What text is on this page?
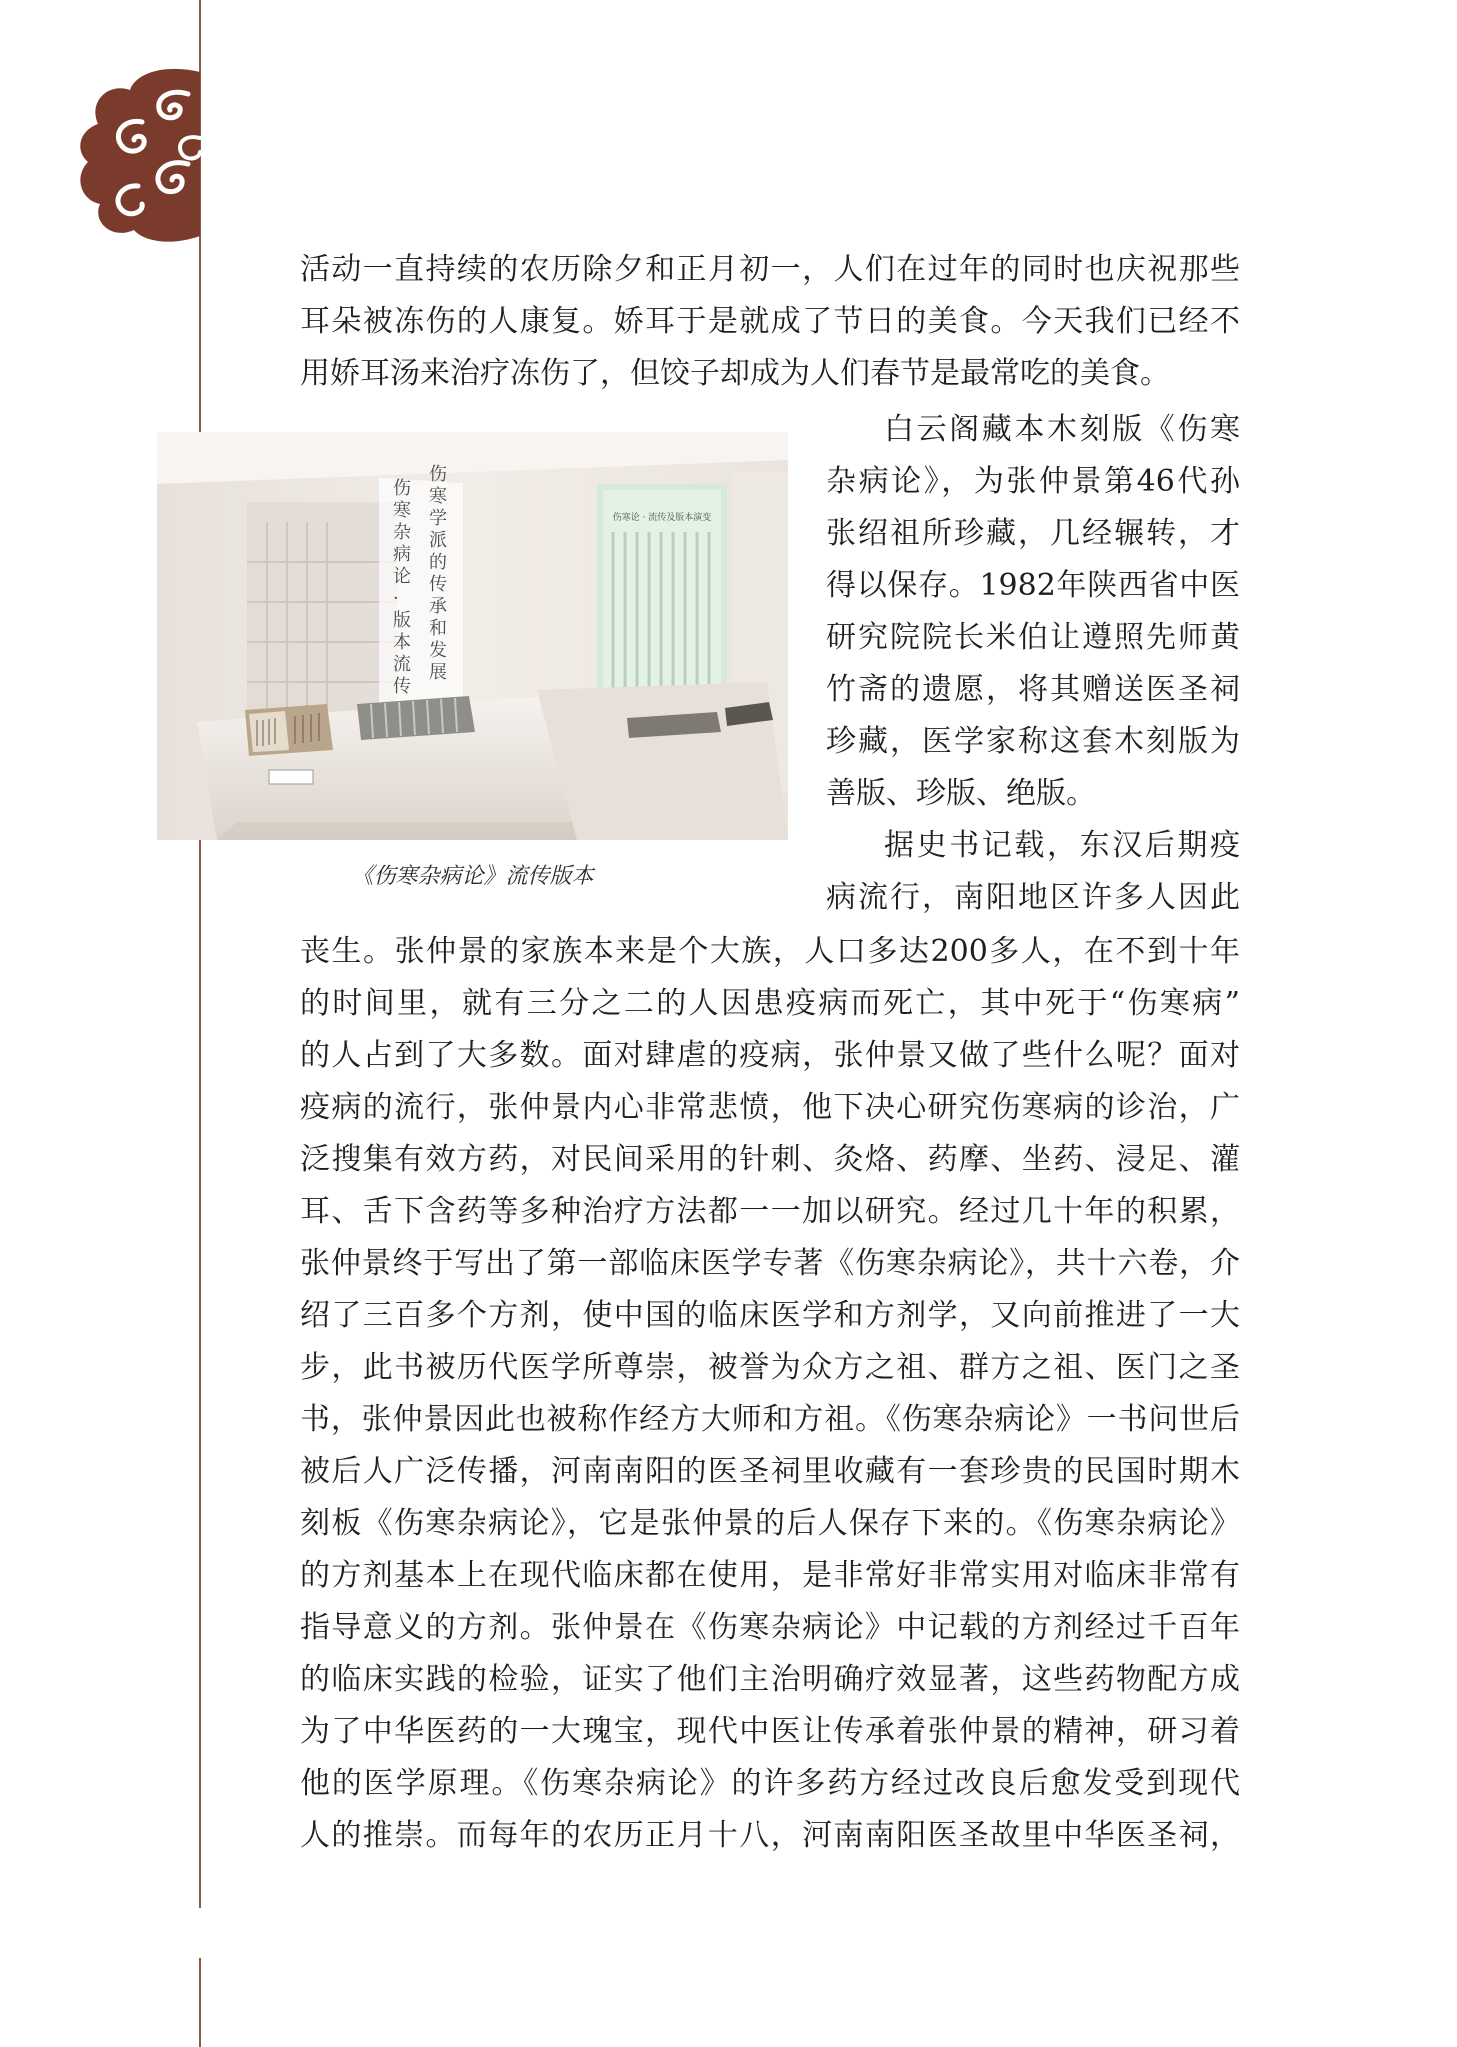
活动一直持续的农历除夕和正月初一，人们在过年的同时也庆祝那些

耳朵被冻伤的人康复。娇耳于是就成了节日的美食。今天我们已经不

用娇耳汤来治疗冻伤了，但饺子却成为人们春节是最常吃的美食。

伤
寒
杂
病
论
·
版
本
流
传
伤
寒
学
派
的
传
承
和
发
展
伤寒论 · 流传及版本演变
《伤寒杂病论》流传版本

白云阁藏本木刻版《伤寒

杂病论》，为张仲景第46代孙

张绍祖所珍藏，几经辗转，才

得以保存。1982年陕西省中医

研究院院长米伯让遵照先师黄

竹斋的遗愿，将其赠送医圣祠

珍藏，医学家称这套木刻版为

善版、珍版、绝版。

据史书记载，东汉后期疫

病流行，南阳地区许多人因此

丧生。张仲景的家族本来是个大族，人口多达200多人，在不到十年

的时间里，就有三分之二的人因患疫病而死亡，其中死于“伤寒病”

的人占到了大多数。面对肆虐的疫病，张仲景又做了些什么呢？面对

疫病的流行，张仲景内心非常悲愤，他下决心研究伤寒病的诊治，广

泛搜集有效方药，对民间采用的针刺、灸烙、药摩、坐药、浸足、灌

耳、舌下含药等多种治疗方法都一一加以研究。经过几十年的积累，

张仲景终于写出了第一部临床医学专著《伤寒杂病论》，共十六卷，介

绍了三百多个方剂，使中国的临床医学和方剂学，又向前推进了一大

步，此书被历代医学所尊崇，被誉为众方之祖、群方之祖、医门之圣

书，张仲景因此也被称作经方大师和方祖。《伤寒杂病论》一书问世后

被后人广泛传播，河南南阳的医圣祠里收藏有一套珍贵的民国时期木

刻板《伤寒杂病论》，它是张仲景的后人保存下来的。《伤寒杂病论》

的方剂基本上在现代临床都在使用，是非常好非常实用对临床非常有

指导意义的方剂。张仲景在《伤寒杂病论》中记载的方剂经过千百年

的临床实践的检验，证实了他们主治明确疗效显著，这些药物配方成

为了中华医药的一大瑰宝，现代中医让传承着张仲景的精神，研习着

他的医学原理。《伤寒杂病论》的许多药方经过改良后愈发受到现代

人的推崇。而每年的农历正月十八，河南南阳医圣故里中华医圣祠，
